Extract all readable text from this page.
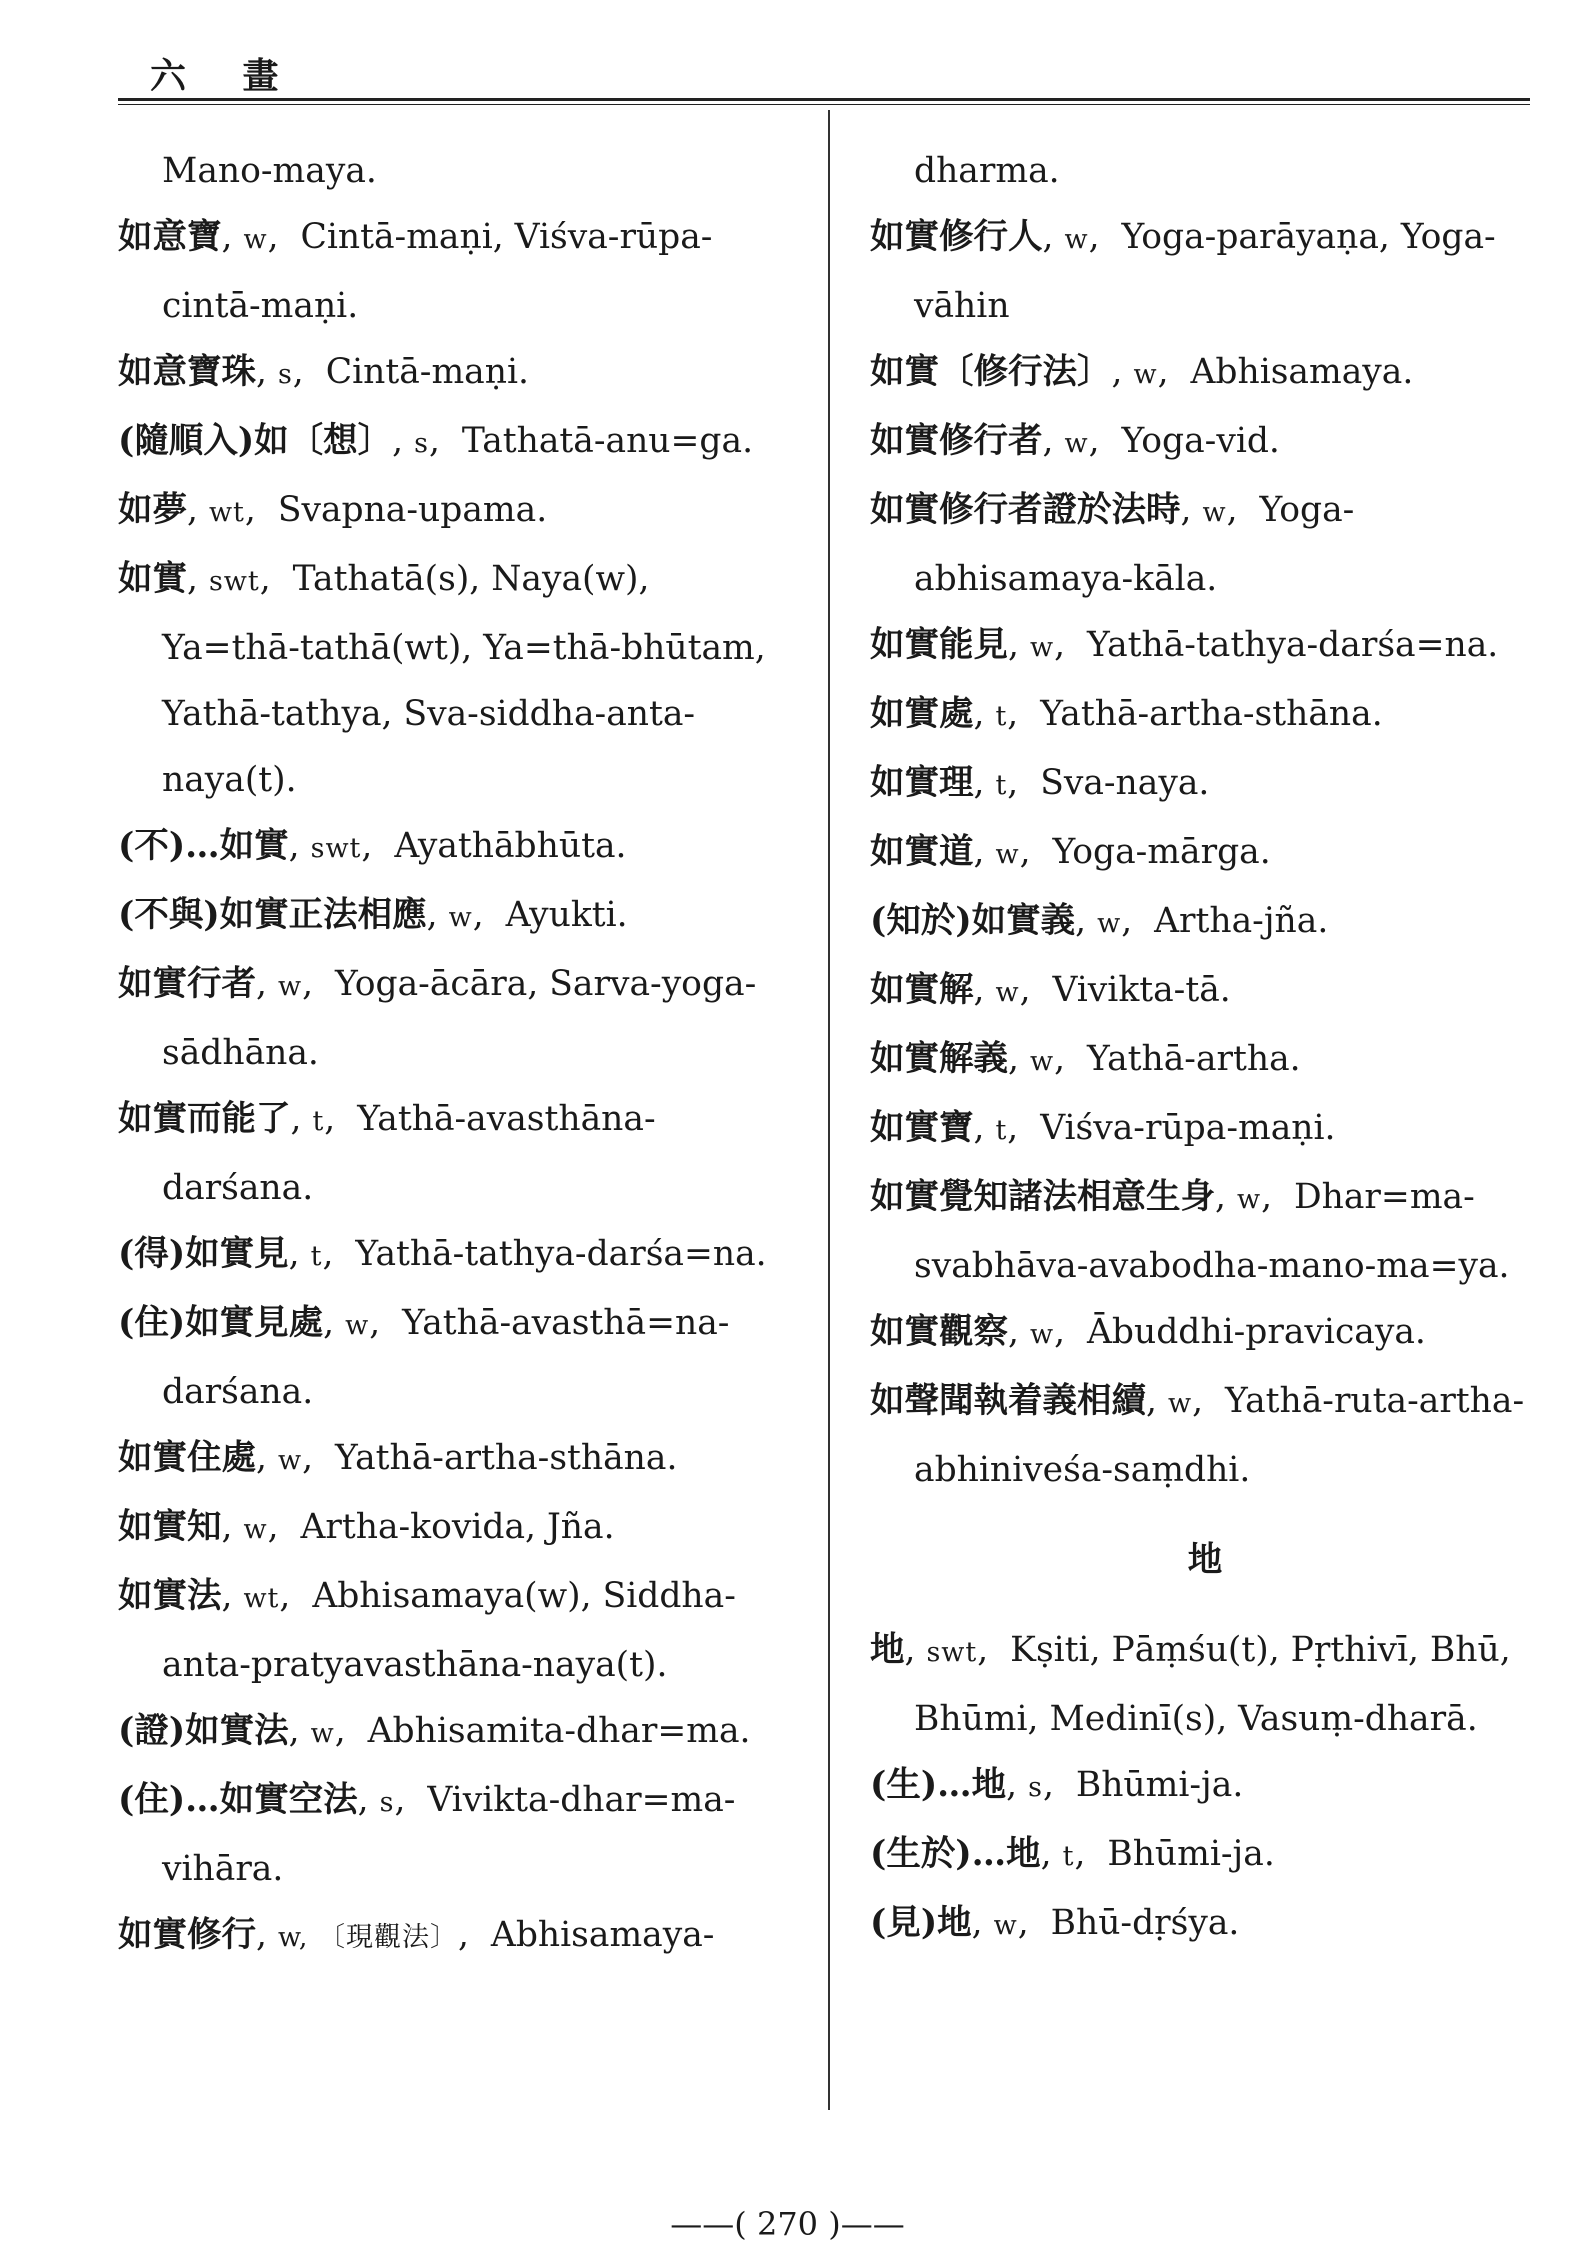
六 畫

Mano-maya.

如意寶, w,  Cintā-maṇi, Viśva-rūpa-cintā-maṇi.

如意寶珠, s,  Cintā-maṇi.

(隨順入)如〔想〕, s,  Tathatā-anu=ga.

如夢, wt,  Svapna-upama.

如實, swt,  Tathatā(s), Naya(w), Ya=thā-tathā(wt), Ya=thā-bhūtam, Yathā-tathya, Sva-siddha-anta-naya(t).

(不)…如實, swt,  Ayathābhūta.

(不與)如實正法相應, w,  Ayukti.

如實行者, w,  Yoga-ācāra, Sarva-yoga-sādhāna.

如實而能了, t,  Yathā-avasthāna-darśana.

(得)如實見, t,  Yathā-tathya-darśa=na.

(住)如實見處, w,  Yathā-avasthā=na-darśana.

如實住處, w,  Yathā-artha-sthāna.

如實知, w,  Artha-kovida, Jña.

如實法, wt,  Abhisamaya(w), Siddha-anta-pratyavasthāna-naya(t).

(證)如實法, w,  Abhisamita-dhar=ma.

(住)…如實空法, s,  Vivikta-dhar=ma-vihāra.

如實修行, w, 〔現觀法〕,  Abhisamaya-

dharma.

如實修行人, w,  Yoga-parāyaṇa, Yoga-vāhin

如實〔修行法〕, w,  Abhisamaya.

如實修行者, w,  Yoga-vid.

如實修行者證於法時, w,  Yoga-abhisamaya-kāla.

如實能見, w,  Yathā-tathya-darśa=na.

如實處, t,  Yathā-artha-sthāna.

如實理, t,  Sva-naya.

如實道, w,  Yoga-mārga.

(知於)如實義, w,  Artha-jña.

如實解, w,  Vivikta-tā.

如實解義, w,  Yathā-artha.

如實寶, t,  Viśva-rūpa-maṇi.

如實覺知諸法相意生身, w,  Dhar=ma-svabhāva-avabodha-mano-ma=ya.

如實觀察, w,  Ābuddhi-pravicaya.

如聲聞執着義相續, w,  Yathā-ruta-artha-abhiniveśa-saṃdhi.

地

地, swt,  Kṣiti, Pāṃśu(t), Pṛthivī, Bhū, Bhūmi, Medinī(s), Vasuṃ-dharā.

(生)…地, s,  Bhūmi-ja.

(生於)…地, t,  Bhūmi-ja.

(見)地, w,  Bhū-dṛśya.

——( 270 )——
